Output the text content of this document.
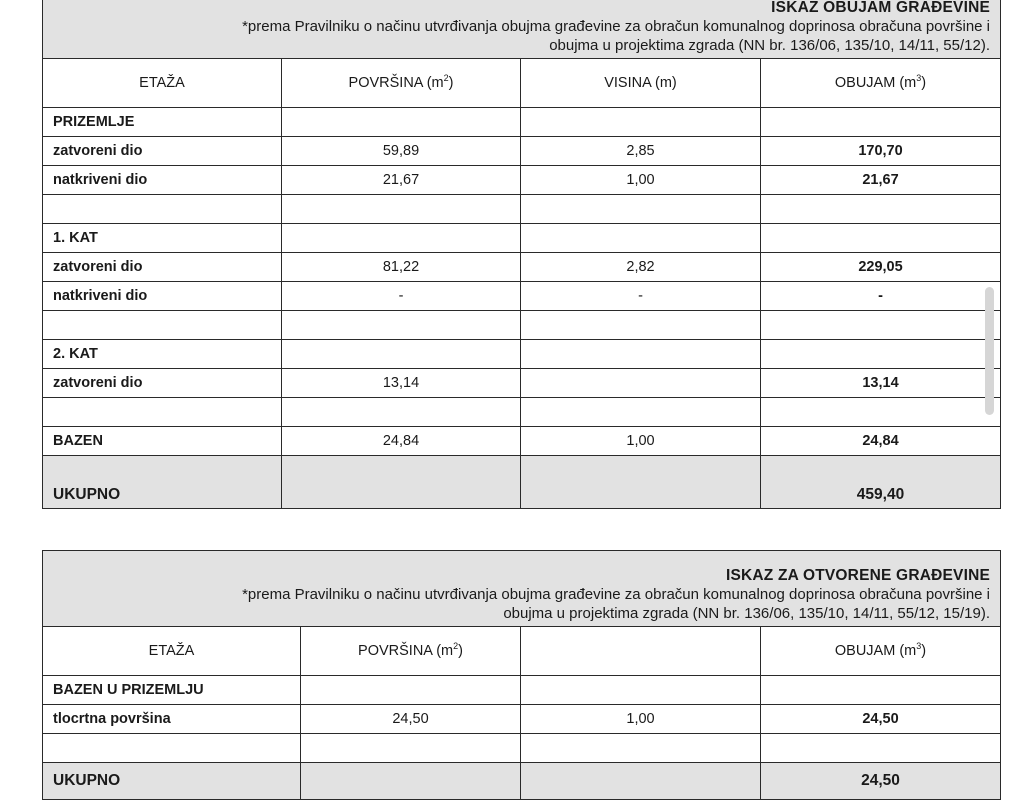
ISKAZ OBUJAM GRAĐEVINE
*prema Pravilniku o načinu utvrđivanja obujma građevine za obračun komunalnog doprinosa obračuna površine i
obujma u projektima zgrada (NN br. 136/06, 135/10, 14/11, 55/12).			

ETAŽA	POVRŠINA $(m^2)$	VISINA (m)	OBUJAM $(m^3)$
PRIZEMLJE			
zatvoreni dio	59,89	2,85	170,70
natkriveni dio	21,67	1,00	21,67

1. KAT			
zatvoreni dio	81,22	2,82	229,05
natkriveni dio	-	-	-

2. KAT			
zatvoreni dio	13,14		13,14

BAZEN	24,84	1,00	24,84
UKUPNO			459,40
ISKAZ ZA OTVORENE GRAĐEVINE
*prema Pravilniku o načinu utvrđivanja obujma građevine za obračun komunalnog doprinosa obračuna površine i
obujma u projektima zgrada (NN br. 136/06, 135/10, 14/11, 55/12, 15/19).			

ETAŽA	POVRŠINA $(m^2)$		OBUJAM $(m^3)$
BAZEN U PRIZEMLJU			
tlocrtna površina	24,50	1,00	24,50

UKUPNO			24,50
